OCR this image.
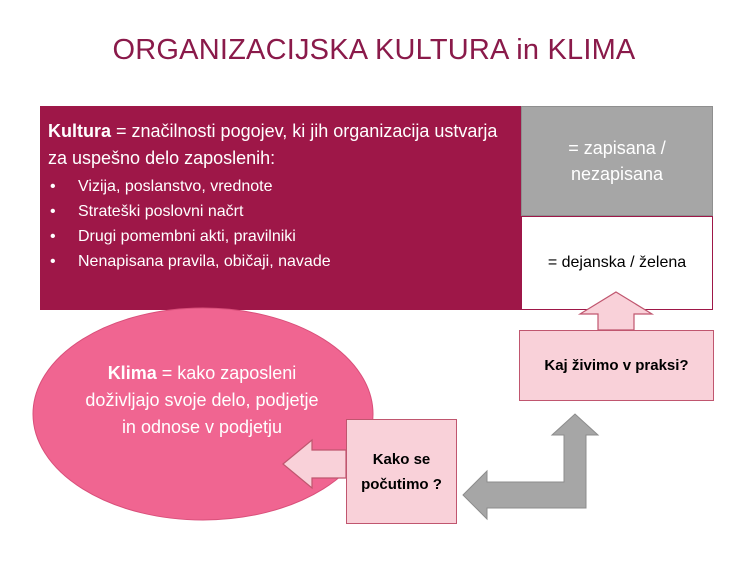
ORGANIZACIJSKA KULTURA in KLIMA
Kultura = značilnosti pogojev, ki jih organizacija ustvarja za uspešno delo zaposlenih:
• Vizija, poslanstvo, vrednote
• Strateški poslovni načrt
• Drugi pomembni akti, pravilniki
• Nenapisana pravila, običaji, navade
= zapisana / nezapisana
= dejanska / želena
Klima = kako zaposleni doživljajo svoje delo, podjetje in odnose v podjetju
Kaj živimo v praksi?
Kako se počutimo ?
